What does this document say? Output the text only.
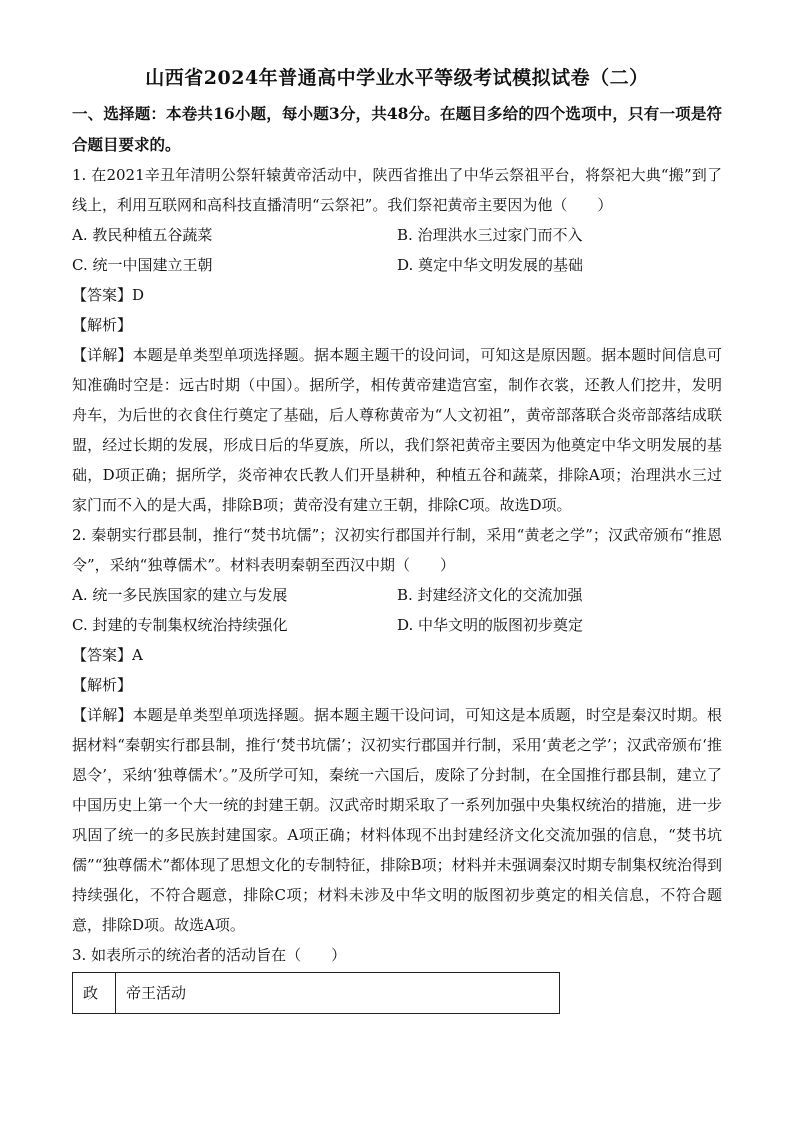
山西省2024年普通高中学业水平等级考试模拟试卷（二）

一、选择题：本卷共16小题，每小题3分，共48分。在题目多给的四个选项中，只有一项是符合题目要求的。

1. 在2021辛丑年清明公祭轩辕黄帝活动中，陕西省推出了中华云祭祖平台，将祭祀大典“搬”到了线上，利用互联网和高科技直播清明“云祭祀”。我们祭祀黄帝主要因为他（　　）

A. 教民种植五谷蔬菜	B. 治理洪水三过家门而不入
C. 统一中国建立王朝	D. 奠定中华文明发展的基础
【答案】D
【解析】

【详解】本题是单类型单项选择题。据本题主题干的设问词，可知这是原因题。据本题时间信息可知准确时空是：远古时期（中国）。据所学，相传黄帝建造宫室，制作衣裳，还教人们挖井，发明舟车，为后世的衣食住行奠定了基础，后人尊称黄帝为“人文初祖”，黄帝部落联合炎帝部落结成联盟，经过长期的发展，形成日后的华夏族，所以，我们祭祀黄帝主要因为他奠定中华文明发展的基础，D项正确；据所学，炎帝神农氏教人们开垦耕种，种植五谷和蔬菜，排除A项；治理洪水三过家门而不入的是大禹，排除B项；黄帝没有建立王朝，排除C项。故选D项。

2. 秦朝实行郡县制，推行“焚书坑儒”；汉初实行郡国并行制，采用“黄老之学”；汉武帝颁布“推恩令”，采纳“独尊儒术”。材料表明秦朝至西汉中期（　　）

A. 统一多民族国家的建立与发展	B. 封建经济文化的交流加强
C. 封建的专制集权统治持续强化	D. 中华文明的版图初步奠定
【答案】A
【解析】

【详解】本题是单类型单项选择题。据本题主题干设问词，可知这是本质题，时空是秦汉时期。根据材料“秦朝实行郡县制，推行‘焚书坑儒’；汉初实行郡国并行制，采用‘黄老之学’；汉武帝颁布‘推恩令’，采纳‘独尊儒术’。”及所学可知，秦统一六国后，废除了分封制，在全国推行郡县制，建立了中国历史上第一个大一统的封建王朝。汉武帝时期采取了一系列加强中央集权统治的措施，进一步巩固了统一的多民族封建国家。A项正确；材料体现不出封建经济文化交流加强的信息，“焚书坑儒”“独尊儒术”都体现了思想文化的专制特征，排除B项；材料并未强调秦汉时期专制集权统治得到持续强化，不符合题意，排除C项；材料未涉及中华文明的版图初步奠定的相关信息，不符合题意，排除D项。故选A项。

3. 如表所示的统治者的活动旨在（　　）

政	帝王活动
